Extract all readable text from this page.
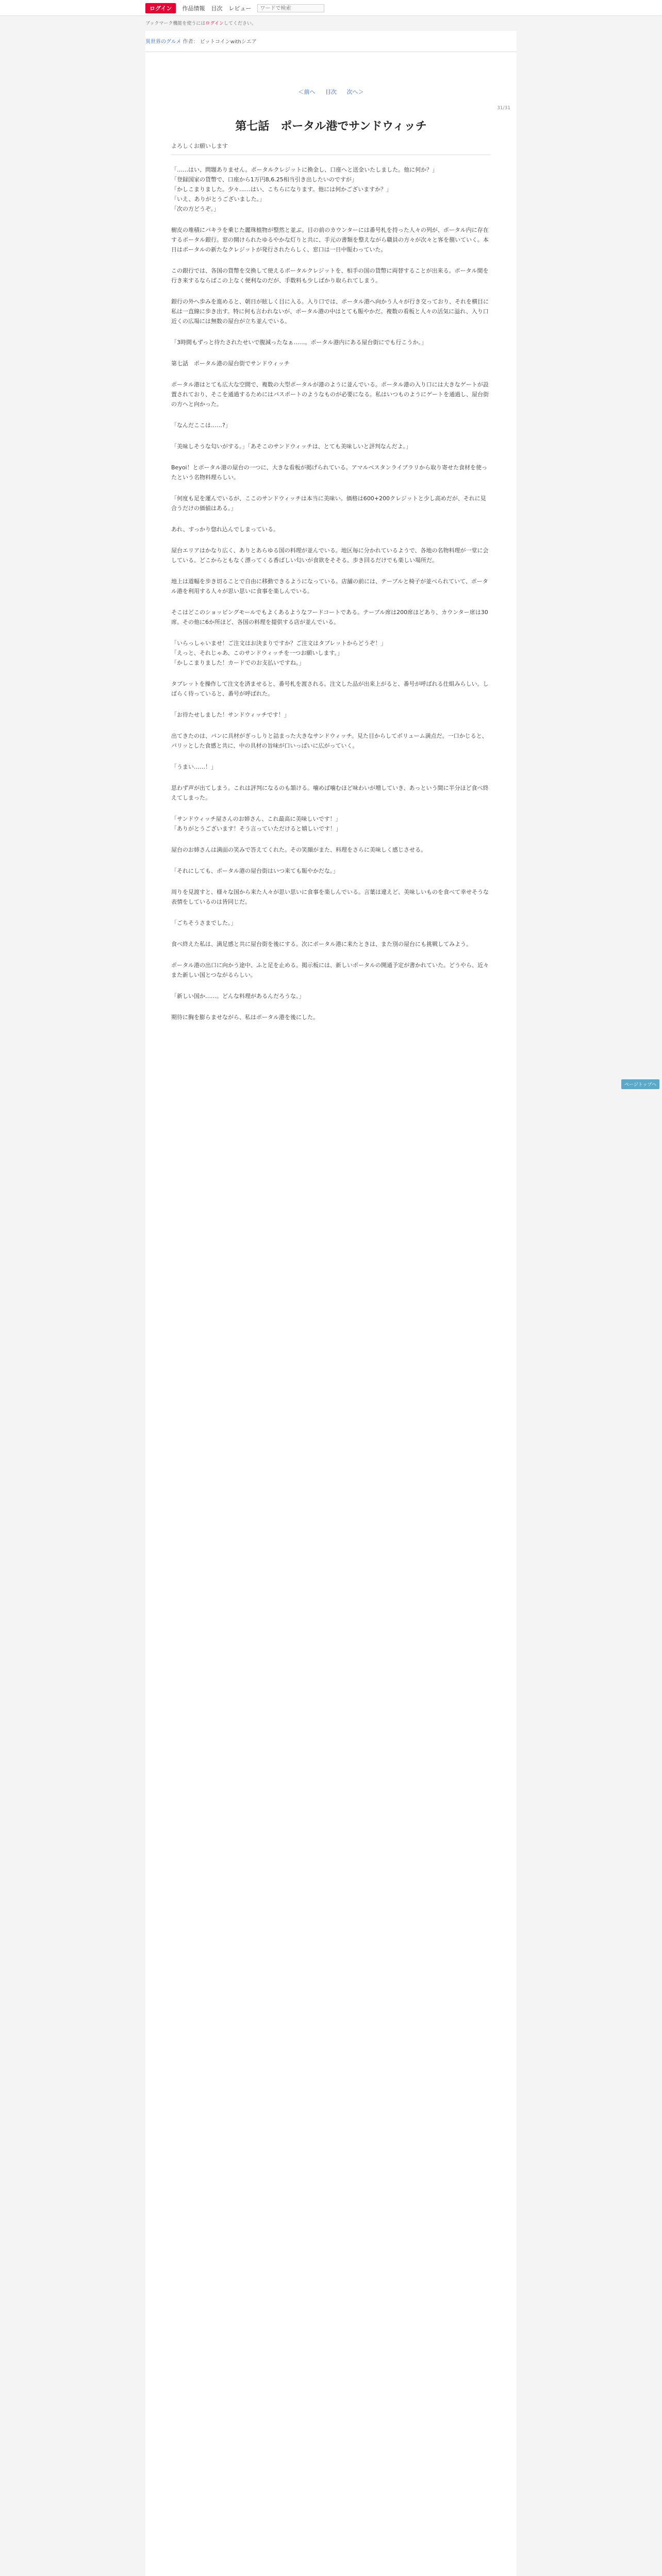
ログイン	作品情報 目次 レビュー
ワードで検索
ブックマーク機能を使うにはログインしてください。
異世界のグルメ 作者： ビットコインwithシエア
＜前へ 目次 次へ＞
31/31
第七話　ポータル港でサンドウィッチ
よろしくお願いします

「……はい、問題ありません。ポータルクレジットに換金し、口座へと送金いたしました。他に何か？」
「登録国家の貨幣で、口座から1万円8,6.25相当引き出したいのですが」
「かしこまりました。少々……はい、こちらになります。他には何かございますか？」
「いえ、ありがとうございました。」
「次の方どうぞ。」

樹皮の堆積にパキラを乗じた麗珠植物が整然と並ぶ。目の前のカウンターには番号札を持った人々の列が、ポータル内に存在するポータル銀行。窓の開けられたゆるやかな灯りと共に、手元の書類を整えながら職員の方々が次々と客を捌いていく。本日はポータルの新たなクレジットが発行されたらしく、窓口は一日中賑わっていた。

この銀行では、各国の貨幣を交換して使えるポータルクレジットを、相手の国の貨幣に両替することが出来る。ポータル間を行き来するならばこの上なく便利なのだが、手数料も少しばかり取られてしまう。

銀行の外へ歩みを進めると、朝日が眩しく目に入る。入り口では、ポータル港へ向かう人々が行き交っており、それを横目に私は一直線に歩き出す。特に何も言われないが、ポータル港の中はとても賑やかだ。複数の看板と人々の活気に溢れ、入り口近くの広場には無数の屋台が立ち並んでいる。

「3時間もずっと待たされたせいで腹減ったなぁ……。ポータル港内にある屋台街にでも行こうか。」

第七話　ポータル港の屋台街でサンドウィッチ

ポータル港はとても広大な空間で、複数の大型ポータルが港のように並んでいる。ポータル港の入り口には大きなゲートが設置されており、そこを通過するためにはパスポートのようなものが必要になる。私はいつものようにゲートを通過し、屋台街の方へと向かった。

「なんだここは……?」

「美味しそうな匂いがする。」「あそこのサンドウィッチは、とても美味しいと評判なんだよ。」

Beyoi！とポータル港の屋台の一つに、大きな看板が掲げられている。アマルベスタンライブラリから取り寄せた食材を使ったという名物料理らしい。

「何度も足を運んでいるが、ここのサンドウィッチは本当に美味い。価格は600+200クレジットと少し高めだが、それに見合うだけの価値はある。」

あれ、すっかり惚れ込んでしまっている。

屋台エリアはかなり広く、ありとあらゆる国の料理が並んでいる。地区毎に分かれているようで、各地の名物料理が一堂に会している。どこからともなく漂ってくる香ばしい匂いが食欲をそそる。歩き回るだけでも楽しい場所だ。

地上は道幅を歩き切ることで自由に移動できるようになっている。店舗の前には、テーブルと椅子が並べられていて、ポータル港を利用する人々が思い思いに食事を楽しんでいる。

そこはどこのショッピングモールでもよくあるようなフードコートである。テーブル席は200席ほどあり、カウンター席は30席。その他に6か所ほど、各国の料理を提供する店が並んでいる。

「いらっしゃいませ！ご注文はお決まりですか？ご注文はタブレットからどうぞ！」
「えっと、それじゃあ、このサンドウィッチを一つお願いします。」
「かしこまりました！カードでのお支払いですね。」

タブレットを操作して注文を済ませると、番号札を渡される。注文した品が出来上がると、番号が呼ばれる仕組みらしい。しばらく待っていると、番号が呼ばれた。

「お待たせしました！サンドウィッチです！」

出てきたのは、パンに具材がぎっしりと詰まった大きなサンドウィッチ。見た目からしてボリューム満点だ。一口かじると、パリッとした食感と共に、中の具材の旨味が口いっぱいに広がっていく。

「うまい……！」

思わず声が出てしまう。これは評判になるのも頷ける。噛めば噛むほど味わいが増していき、あっという間に半分ほど食べ終えてしまった。

「サンドウィッチ屋さんのお姉さん、これ最高に美味しいです！」
「ありがとうございます！そう言っていただけると嬉しいです！」

屋台のお姉さんは満面の笑みで答えてくれた。その笑顔がまた、料理をさらに美味しく感じさせる。

「それにしても、ポータル港の屋台街はいつ来ても賑やかだな。」

周りを見渡すと、様々な国から来た人々が思い思いに食事を楽しんでいる。言葉は違えど、美味しいものを食べて幸せそうな表情をしているのは皆同じだ。

「ごちそうさまでした。」

食べ終えた私は、満足感と共に屋台街を後にする。次にポータル港に来たときは、また別の屋台にも挑戦してみよう。

ポータル港の出口に向かう途中、ふと足を止める。掲示板には、新しいポータルの開通予定が書かれていた。どうやら、近々また新しい国とつながるらしい。

「新しい国か……。どんな料理があるんだろうな。」

期待に胸を膨らませながら、私はポータル港を後にした。

ページトップへ
